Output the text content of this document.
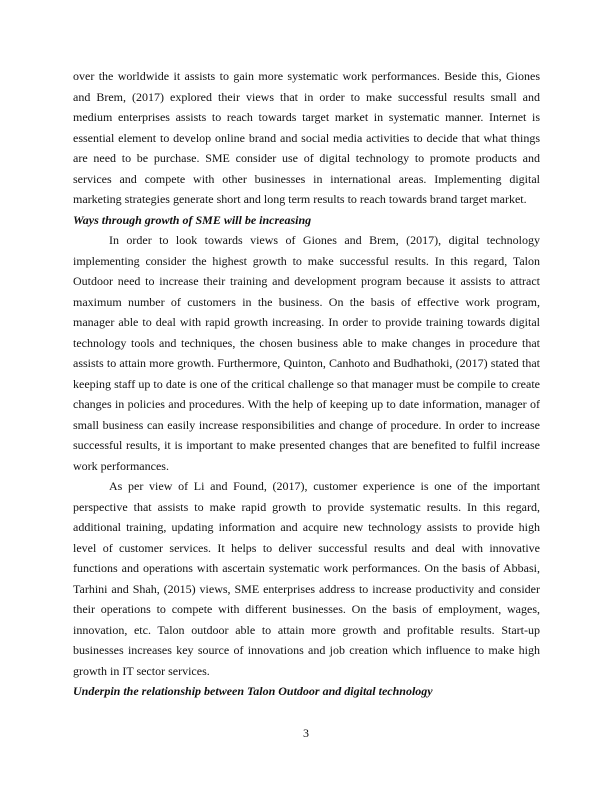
over the worldwide it assists to gain more systematic work performances. Beside this, Giones and Brem, (2017) explored their views that in order to make successful results small and medium enterprises assists to reach towards target market in systematic manner. Internet is essential element to develop online brand and social media activities to decide that what things are need to be purchase. SME consider use of digital technology to promote products and services and compete with other businesses in international areas. Implementing digital marketing strategies generate short and long term results to reach towards brand target market.

Ways through growth of SME will be increasing

In order to look towards views of Giones and Brem, (2017), digital technology implementing consider the highest growth to make successful results. In this regard, Talon Outdoor need to increase their training and development program because it assists to attract maximum number of customers in the business. On the basis of effective work program, manager able to deal with rapid growth increasing. In order to provide training towards digital technology tools and techniques, the chosen business able to make changes in procedure that assists to attain more growth. Furthermore, Quinton, Canhoto and Budhathoki, (2017) stated that keeping staff up to date is one of the critical challenge so that manager must be compile to create changes in policies and procedures. With the help of keeping up to date information, manager of small business can easily increase responsibilities and change of procedure. In order to increase successful results, it is important to make presented changes that are benefited to fulfil increase work performances.

As per view of Li and Found, (2017), customer experience is one of the important perspective that assists to make rapid growth to provide systematic results. In this regard, additional training, updating information and acquire new technology assists to provide high level of customer services. It helps to deliver successful results and deal with innovative functions and operations with ascertain systematic work performances. On the basis of Abbasi, Tarhini and Shah, (2015) views, SME enterprises address to increase productivity and consider their operations to compete with different businesses. On the basis of employment, wages, innovation, etc. Talon outdoor able to attain more growth and profitable results. Start-up businesses increases key source of innovations and job creation which influence to make high growth in IT sector services.

Underpin the relationship between Talon Outdoor and digital technology

3
